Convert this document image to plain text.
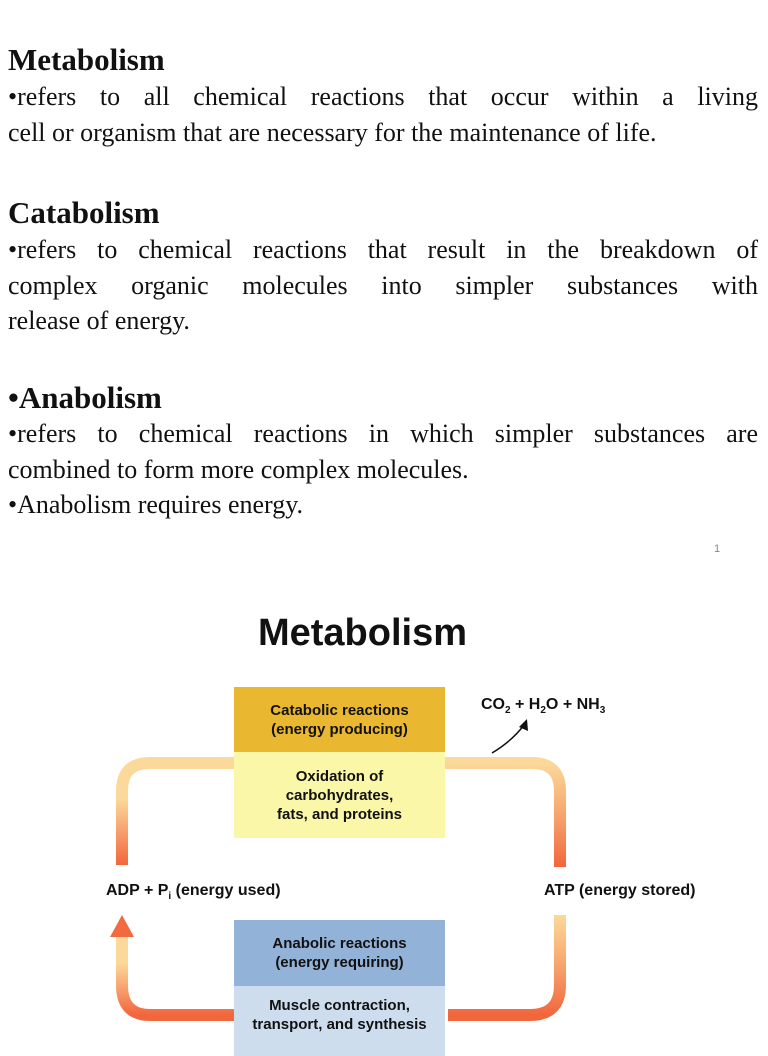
Metabolism

•refers to all chemical reactions that occur within a living
cell or organism that are necessary for the maintenance of life.

Catabolism

•refers to chemical reactions that result in the breakdown of
complex organic molecules into simpler substances with
release of energy.

•Anabolism

•refers to chemical reactions in which simpler substances are
combined to form more complex molecules.
•Anabolism requires energy.

1
Metabolism
Catabolic reactions
(energy producing)
Oxidation of
carbohydrates,
fats, and proteins
Anabolic reactions
(energy requiring)
Muscle contraction,
transport, and synthesis
ADP + $P_i$ (energy used)	ATP (energy stored)
$CO_2 + H_2O + NH_3$
